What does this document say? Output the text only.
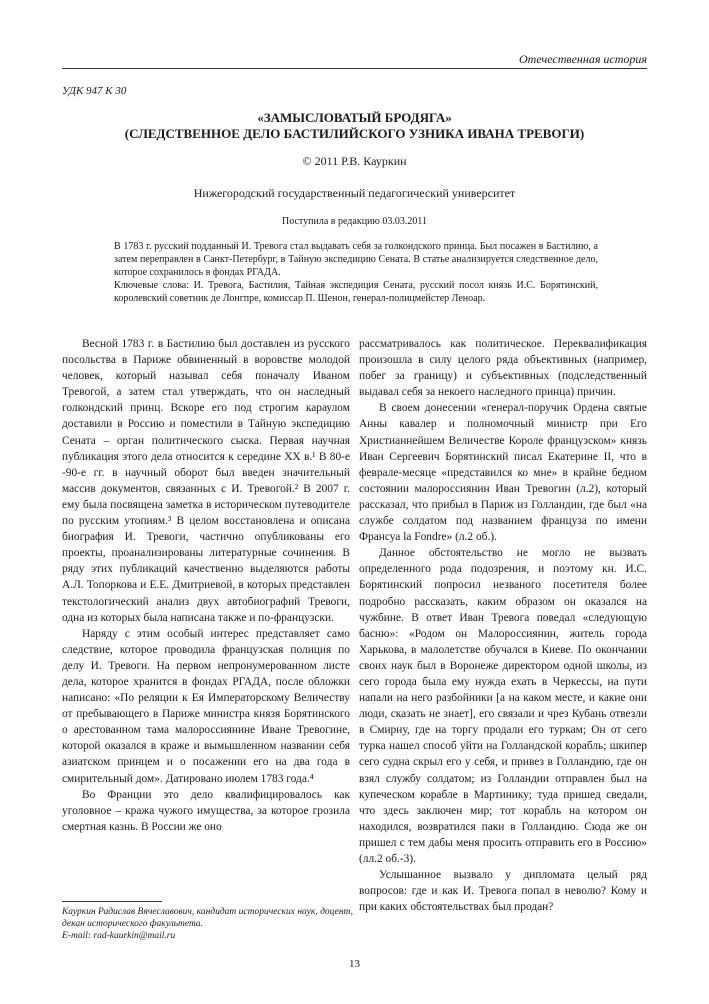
Отечественная история
УДК 947 К 30
«ЗАМЫСЛОВАТЫЙ БРОДЯГА»
(СЛЕДСТВЕННОЕ ДЕЛО БАСТИЛИЙСКОГО УЗНИКА ИВАНА ТРЕВОГИ)
© 2011 Р.В. Кауркин
Нижегородский государственный педагогический университет
Поступила в редакцию 03.03.2011

В 1783 г. русский подданный И. Тревога стал выдавать себя за голкондского принца. Был посажен в Бастилию, а затем переправлен в Санкт-Петербург, в Тайную экспедицию Сената. В статье анализируется следственное дело, которое сохранилось в фондах РГАДА.

Ключевые слова: И. Тревога, Бастилия, Тайная экспедиция Сената, русский посол князь И.С. Борятинский, королевский советник де Лонгпре, комиссар П. Шенон, генерал-полицмейстер Леноар.

Весной 1783 г. в Бастилию был доставлен из русского посольства в Париже обвиненный в воровстве молодой человек, который называл себя поначалу Иваном Тревогой, а затем стал утверждать, что он наследный голкондский принц. Вскоре его под строгим караулом доставили в Россию и поместили в Тайную экспедицию Сената – орган политического сыска. Первая научная публикация этого дела относится к середине XX в.¹ В 80-е -90-е гг. в научный оборот был введен значительный массив документов, связанных с И. Тревогой.² В 2007 г. ему была посвящена заметка в историческом путеводителе по русским утопиям.³ В целом восстановлена и описана биография И. Тревоги, частично опубликованы его проекты, проанализированы литературные сочинения. В ряду этих публикаций качественно выделяются работы А.Л. Топоркова и Е.Е. Дмитриевой, в которых представлен текстологический анализ двух автобиографий Тревоги, одна из которых была написана также и по-французски.

Наряду с этим особый интерес представляет само следствие, которое проводила французская полиция по делу И. Тревоги. На первом непронумерованном листе дела, которое хранится в фондах РГАДА, после обложки написано: «По реляции к Ея Императорскому Величеству от пребывающего в Париже министра князя Борятинского о арестованном тама малороссиянине Иване Тревогине, которой оказался в краже и вымышленном названии себя азиатском принцем и о посажении его на два года в смирительный дом». Датировано июлем 1783 года.⁴

Во Франции это дело квалифицировалось как уголовное – кража чужого имущества, за которое грозила смертная казнь. В России же оно

рассматривалось как политическое. Переквалификация произошла в силу целого ряда объективных (например, побег за границу) и субъективных (подследственный выдавал себя за некоего наследного принца) причин.

В своем донесении «генерал-поручик Ордена святые Анны кавалер и полномочный министр при Его Христианнейшем Величестве Короле французском» князь Иван Сергеевич Борятинский писал Екатерине II, что в феврале-месяце «представился ко мне» в крайне бедном состоянии малороссиянин Иван Тревогин (л.2), который рассказал, что прибыл в Париж из Голландии, где был «на службе солдатом под названием француза по имени Франсуа la Fondre» (л.2 об.).

Данное обстоятельство не могло не вызвать определенного рода подозрения, и поэтому кн. И.С. Борятинский попросил незваного посетителя более подробно рассказать, каким образом он оказался на чужбине. В ответ Иван Тревога поведал «следующую басню»: «Родом он Малороссиянин, житель города Харькова, в малолетстве обучался в Киеве. По окончании своих наук был в Воронеже директором одной школы, из сего города была ему нужда ехать в Черкессы, на пути напали на него разбойники [а на каком месте, и какие они люди, сказать не знает], его связали и чрез Кубань отвезли в Смирну, где на торгу продали его туркам; Он от сего турка нашел способ уйти на Голландской корабль; шкипер сего судна скрыл его у себя, и привез в Голландию, где он взял службу солдатом; из Голландии отправлен был на купеческом корабле в Мартинику; туда пришед сведали, что здесь заключен мир; тот корабль на котором он находился, возвратился паки в Голландию. Сюда же он пришел с тем дабы меня просить отправить его в Россию» (лл.2 об.-3).

Услышанное вызвало у дипломата целый ряд вопросов: где и как И. Тревога попал в неволю? Кому и при каких обстоятельствах был продан?

Кауркин Радислав Вячеславович, кандидат исторических наук, доцент, декан исторического факультета.

E-mail: rad-kaurkin@mail.ru

13
